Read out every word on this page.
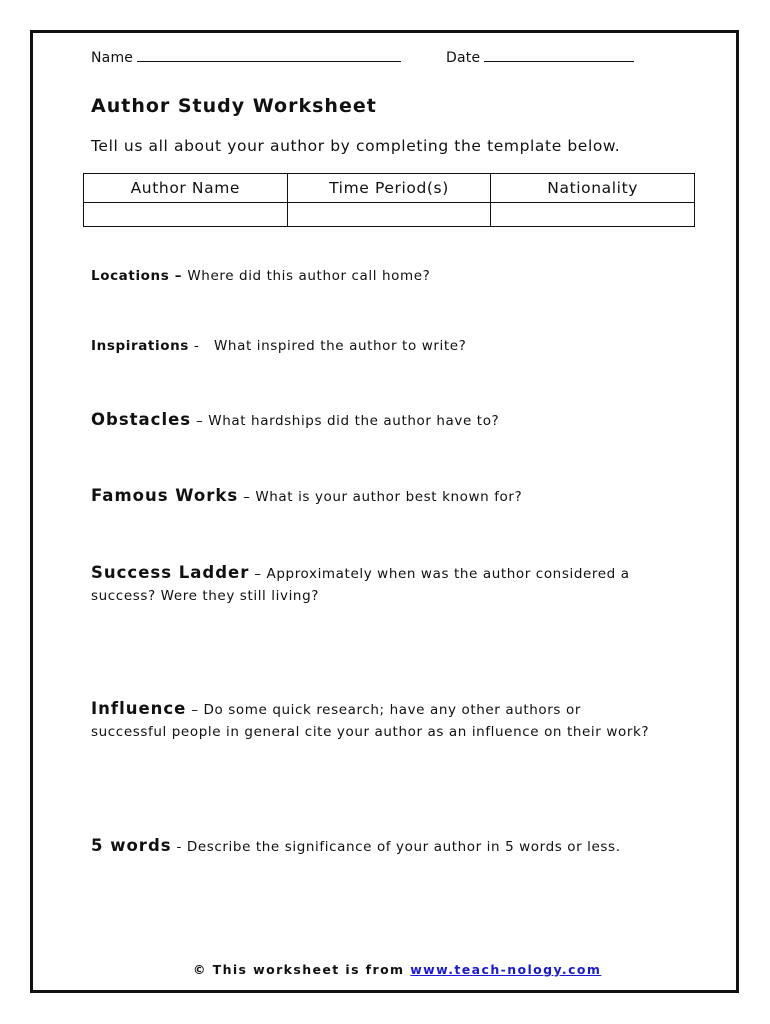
Name	Date
Author Study Worksheet
Tell us all about your author by completing the template below.
Author Name	Time Period(s)	Nationality

Locations – Where did this author call home?
Inspirations -   What inspired the author to write?
Obstacles – What hardships did the author have to?
Famous Works – What is your author best known for?
Success Ladder – Approximately when was the author considered a
success? Were they still living?
Influence – Do some quick research; have any other authors or
successful people in general cite your author as an influence on their work?
5 words - Describe the significance of your author in 5 words or less.
© This worksheet is from www.teach-nology.com
